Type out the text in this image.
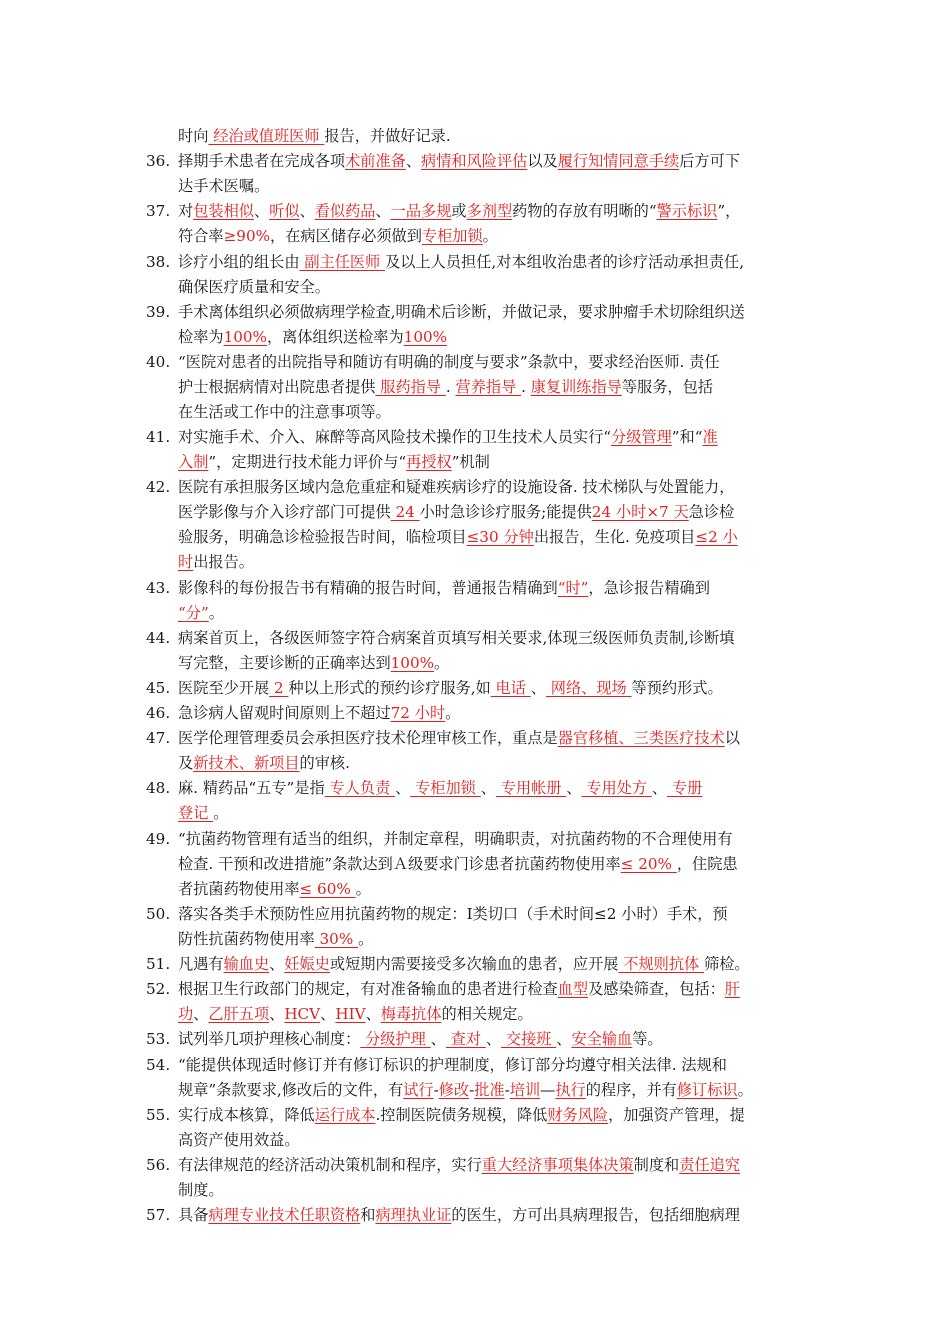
时向 经治或值班医师 报告，并做好记录.
36. 择期手术患者在完成各项术前准备、病情和风险评估以及履行知情同意手续后方可下
达手术医嘱。
37. 对包装相似、听似、看似药品、一品多规或多剂型药物的存放有明晰的“警示标识”，
符合率≥90%，在病区储存必须做到专柜加锁。
38. 诊疗小组的组长由 副主任医师 及以上人员担任,对本组收治患者的诊疗活动承担责任,
确保医疗质量和安全。
39. 手术离体组织必须做病理学检查,明确术后诊断，并做记录，要求肿瘤手术切除组织送
检率为100%，离体组织送检率为100%
40. “医院对患者的出院指导和随访有明确的制度与要求”条款中，要求经治医师. 责任
护士根据病情对出院患者提供 服药指导 . 营养指导 . 康复训练指导等服务，包括
在生活或工作中的注意事项等。
41. 对实施手术、介入、麻醉等高风险技术操作的卫生技术人员实行“分级管理”和“准
入制”，定期进行技术能力评价与“再授权”机制
42. 医院有承担服务区域内急危重症和疑难疾病诊疗的设施设备. 技术梯队与处置能力，
医学影像与介入诊疗部门可提供 24 小时急诊诊疗服务;能提供24 小时×7 天急诊检
验服务，明确急诊检验报告时间，临检项目≤30 分钟出报告，生化. 免疫项目≤2 小
时出报告。
43. 影像科的每份报告书有精确的报告时间，普通报告精确到“时”，急诊报告精确到
“分”。
44. 病案首页上，各级医师签字符合病案首页填写相关要求,体现三级医师负责制,诊断填
写完整，主要诊断的正确率达到100%。
45. 医院至少开展 2 种以上形式的预约诊疗服务,如 电话 、 网络、现场 等预约形式。
46. 急诊病人留观时间原则上不超过72 小时。
47. 医学伦理管理委员会承担医疗技术伦理审核工作，重点是器官移植、三类医疗技术以
及新技术、新项目的审核.
48. 麻. 精药品“五专”是指 专人负责 、 专柜加锁 、 专用帐册 、 专用处方 、 专册
登记 。
49. “抗菌药物管理有适当的组织，并制定章程，明确职责，对抗菌药物的不合理使用有
检查. 干预和改进措施”条款达到Ａ级要求门诊患者抗菌药物使用率≤ 20% ，住院患
者抗菌药物使用率≤ 60% 。
50. 落实各类手术预防性应用抗菌药物的规定：Ⅰ类切口（手术时间≤2 小时）手术，预
防性抗菌药物使用率 30% 。
51. 凡遇有输血史、妊娠史或短期内需要接受多次输血的患者，应开展 不规则抗体 筛检。
52. 根据卫生行政部门的规定，有对准备输血的患者进行检查血型及感染筛查，包括：肝
功、乙肝五项、HCV、HIV、梅毒抗体的相关规定。
53. 试列举几项护理核心制度： 分级护理 、 查对 、 交接班 、安全输血等。
54. “能提供体现适时修订并有修订标识的护理制度，修订部分均遵守相关法律. 法规和
规章”条款要求,修改后的文件，有试行-修改-批准-培训—执行的程序，并有修订标识。
55. 实行成本核算，降低运行成本.控制医院债务规模，降低财务风险，加强资产管理，提
高资产使用效益。
56. 有法律规范的经济活动决策机制和程序，实行重大经济事项集体决策制度和责任追究
制度。
57. 具备病理专业技术任职资格和病理执业证的医生，方可出具病理报告，包括细胞病理
